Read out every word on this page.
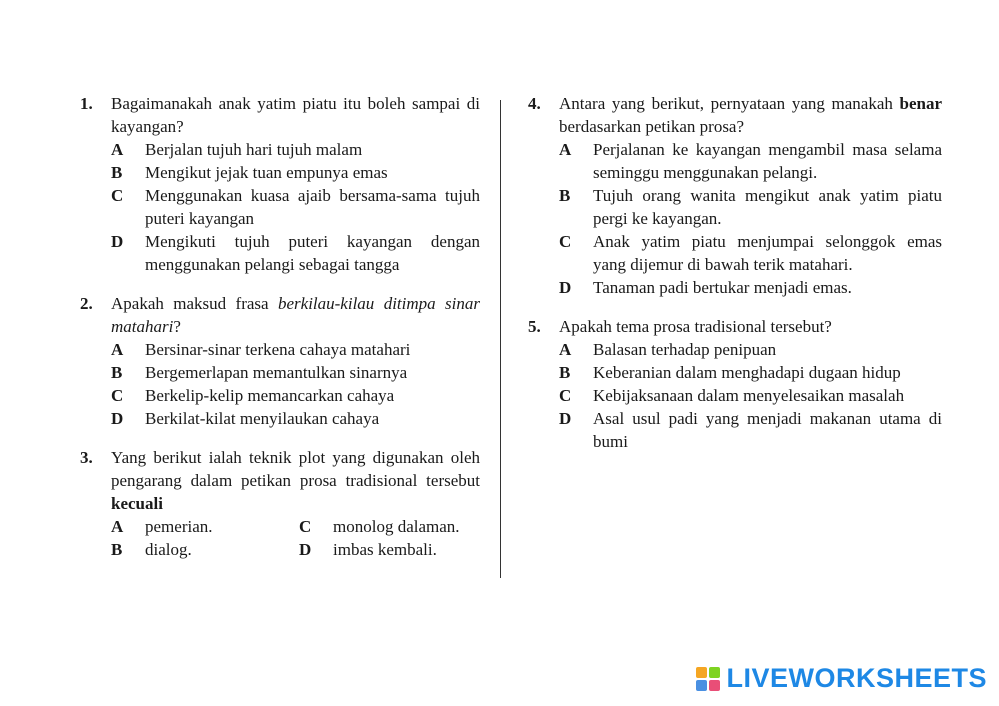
1.	Bagaimanakah anak yatim piatu itu boleh sampai di kayangan?
A	Berjalan tujuh hari tujuh malam
B	Mengikut jejak tuan empunya emas
C	Menggunakan kuasa ajaib bersama-sama tujuh puteri kayangan
D	Mengikuti tujuh puteri kayangan dengan menggunakan pelangi sebagai tangga
2.	Apakah maksud frasa berkilau-kilau ditimpa sinar matahari?
A	Bersinar-sinar terkena cahaya matahari
B	Bergemerlapan memantulkan sinarnya
C	Berkelip-kelip memancarkan cahaya
D	Berkilat-kilat menyilaukan cahaya
3.	Yang berikut ialah teknik plot yang digunakan oleh pengarang dalam petikan prosa tradisional tersebut kecuali
A	pemerian.	C	monolog dalaman.
B	dialog.	D	imbas kembali.
4.	Antara yang berikut, pernyataan yang manakah benar berdasarkan petikan prosa?
A	Perjalanan ke kayangan mengambil masa selama seminggu menggunakan pelangi.
B	Tujuh orang wanita mengikut anak yatim piatu pergi ke kayangan.
C	Anak yatim piatu menjumpai selonggok emas yang dijemur di bawah terik matahari.
D	Tanaman padi bertukar menjadi emas.
5.	Apakah tema prosa tradisional tersebut?
A	Balasan terhadap penipuan
B	Keberanian dalam menghadapi dugaan hidup
C	Kebijaksanaan dalam menyelesaikan masalah
D	Asal usul padi yang menjadi makanan utama di bumi
LIVEWORKSHEETS
